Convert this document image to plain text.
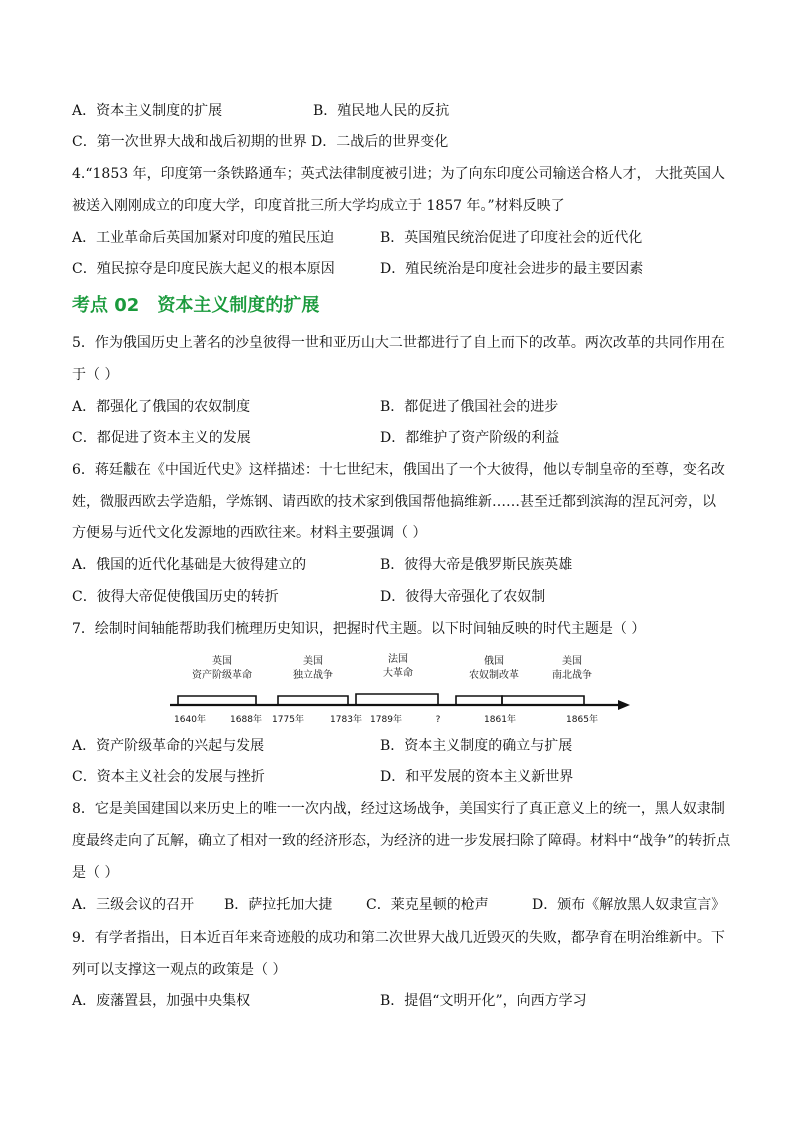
A．资本主义制度的扩展	B．殖民地人民的反抗
C．第一次世界大战和战后初期的世界 D．二战后的世界变化
4.“1853 年，印度第一条铁路通车；英式法律制度被引进；为了向东印度公司输送合格人才， 大批英国人
被送入刚刚成立的印度大学，印度首批三所大学均成立于 1857 年。”材料反映了
A．工业革命后英国加紧对印度的殖民压迫	B．英国殖民统治促进了印度社会的近代化
C．殖民掠夺是印度民族大起义的根本原因	D．殖民统治是印度社会进步的最主要因素
考点 02　资本主义制度的扩展
5．作为俄国历史上著名的沙皇彼得一世和亚历山大二世都进行了自上而下的改革。两次改革的共同作用在
于（ ）
A．都强化了俄国的农奴制度	B．都促进了俄国社会的进步
C．都促进了资本主义的发展	D．都维护了资产阶级的利益
6．蒋廷黻在《中国近代史》这样描述：十七世纪末，俄国出了一个大彼得，他以专制皇帝的至尊，变名改
姓，微服西欧去学造船，学炼钢、请西欧的技术家到俄国帮他搞维新……甚至迁都到滨海的涅瓦河旁，以
方便易与近代文化发源地的西欧往来。材料主要强调（ ）
A．俄国的近代化基础是大彼得建立的	B．彼得大帝是俄罗斯民族英雄
C．彼得大帝促使俄国历史的转折	D．彼得大帝强化了农奴制
7．绘制时间轴能帮助我们梳理历史知识，把握时代主题。以下时间轴反映的时代主题是（ ）
英国
资产阶级革命
美国
独立战争
法国
大革命
俄国
农奴制改革
美国
南北战争
1640年	1688年 1775年	1783年 1789年	?	1861年	1865年
A．资产阶级革命的兴起与发展	B．资本主义制度的确立与扩展
C．资本主义社会的发展与挫折	D．和平发展的资本主义新世界
8．它是美国建国以来历史上的唯一一次内战，经过这场战争，美国实行了真正意义上的统一，黑人奴隶制
度最终走向了瓦解，确立了相对一致的经济形态，为经济的进一步发展扫除了障碍。材料中“战争”的转折点
是（ ）
A．三级会议的召开 B．萨拉托加大捷 C．莱克星顿的枪声	D．颁布《解放黑人奴隶宣言》
9．有学者指出，日本近百年来奇迹般的成功和第二次世界大战几近毁灭的失败，都孕育在明治维新中。下
列可以支撑这一观点的政策是（ ）
A．废藩置县，加强中央集权	B．提倡“文明开化”，向西方学习
